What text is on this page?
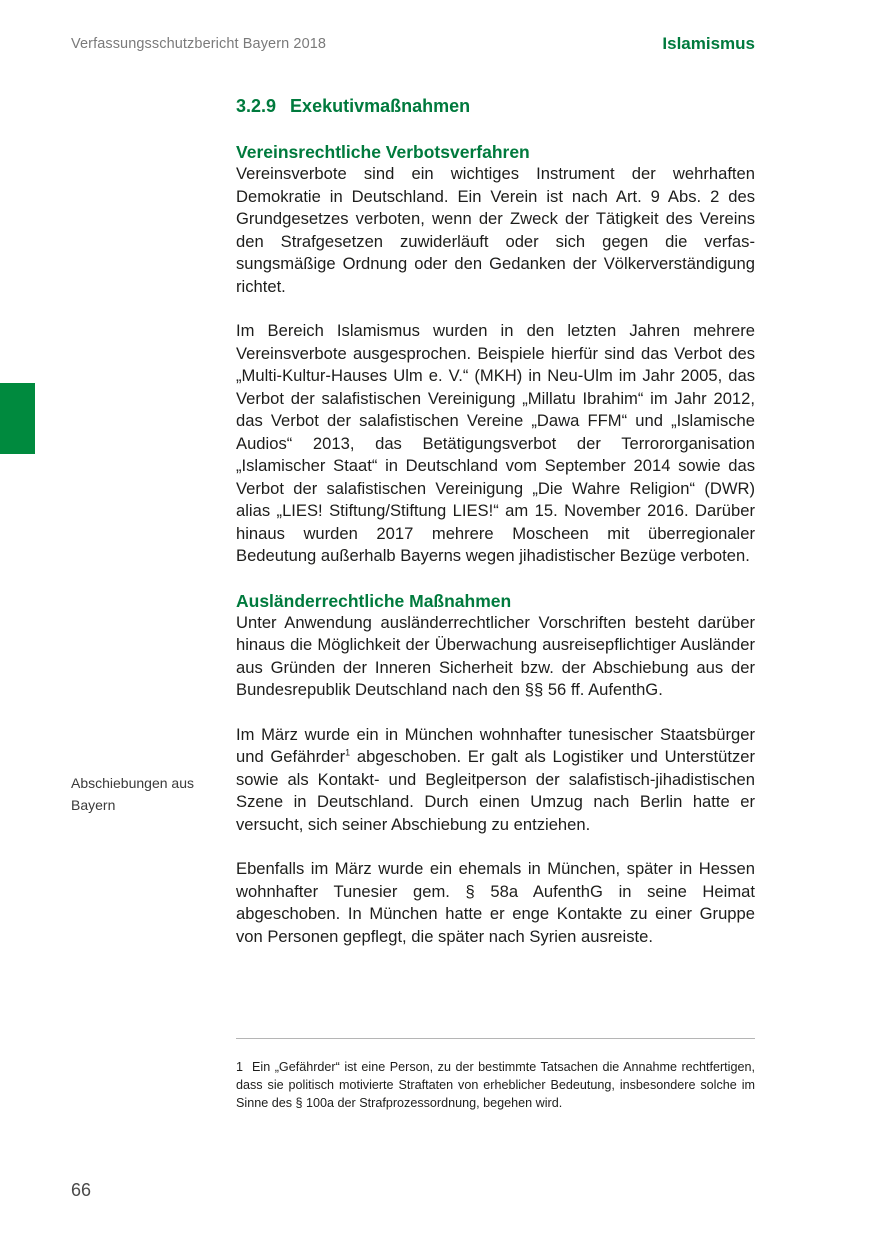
Verfassungsschutzbericht Bayern 2018	Islamismus
3.2.9 Exekutivmaßnahmen
Vereinsrechtliche Verbotsverfahren

Vereinsverbote sind ein wichtiges Instrument der wehrhaften Demokratie in Deutschland. Ein Verein ist nach Art. 9 Abs. 2 des Grundgesetzes verboten, wenn der Zweck der Tätigkeit des Vereins den Strafgesetzen zuwiderläuft oder sich gegen die verfassungsmäßige Ordnung oder den Gedanken der Völkerverständigung richtet.

Im Bereich Islamismus wurden in den letzten Jahren mehrere Vereinsverbote ausgesprochen. Beispiele hierfür sind das Verbot des „Multi-Kultur-Hauses Ulm e. V.“ (MKH) in Neu-Ulm im Jahr 2005, das Verbot der salafistischen Vereinigung „Millatu Ibrahim“ im Jahr 2012, das Verbot der salafistischen Vereine „Dawa FFM“ und „Islamische Audios“ 2013, das Betätigungsverbot der Terrororganisation „Islamischer Staat“ in Deutschland vom September 2014 sowie das Verbot der salafistischen Vereinigung „Die Wahre Religion“ (DWR) alias „LIES! Stiftung/Stiftung LIES!“ am 15. November 2016. Darüber hinaus wurden 2017 mehrere Moscheen mit überregionaler Bedeutung außerhalb Bayerns wegen jihadistischer Bezüge verboten.

Ausländerrechtliche Maßnahmen

Unter Anwendung ausländerrechtlicher Vorschriften besteht darüber hinaus die Möglichkeit der Überwachung ausreisepflichtiger Ausländer aus Gründen der Inneren Sicherheit bzw. der Abschiebung aus der Bundesrepublik Deutschland nach den §§ 56 ff. AufenthG.

Im März wurde ein in München wohnhafter tunesischer Staatsbürger und Gefährder$^1$ abgeschoben. Er galt als Logistiker und Unterstützer sowie als Kontakt- und Begleitperson der salafistisch-jihadistischen Szene in Deutschland. Durch einen Umzug nach Berlin hatte er versucht, sich seiner Abschiebung zu entziehen.

Ebenfalls im März wurde ein ehemals in München, später in Hessen wohnhafter Tunesier gem. § 58a AufenthG in seine Heimat abgeschoben. In München hatte er enge Kontakte zu einer Gruppe von Personen gepflegt, die später nach Syrien ausreiste.

Abschiebungen aus Bayern
1 Ein „Gefährder“ ist eine Person, zu der bestimmte Tatsachen die Annahme rechtfertigen, dass sie politisch motivierte Straftaten von erheblicher Bedeutung, insbesondere solche im Sinne des § 100a der Strafprozessordnung, begehen wird.
66
